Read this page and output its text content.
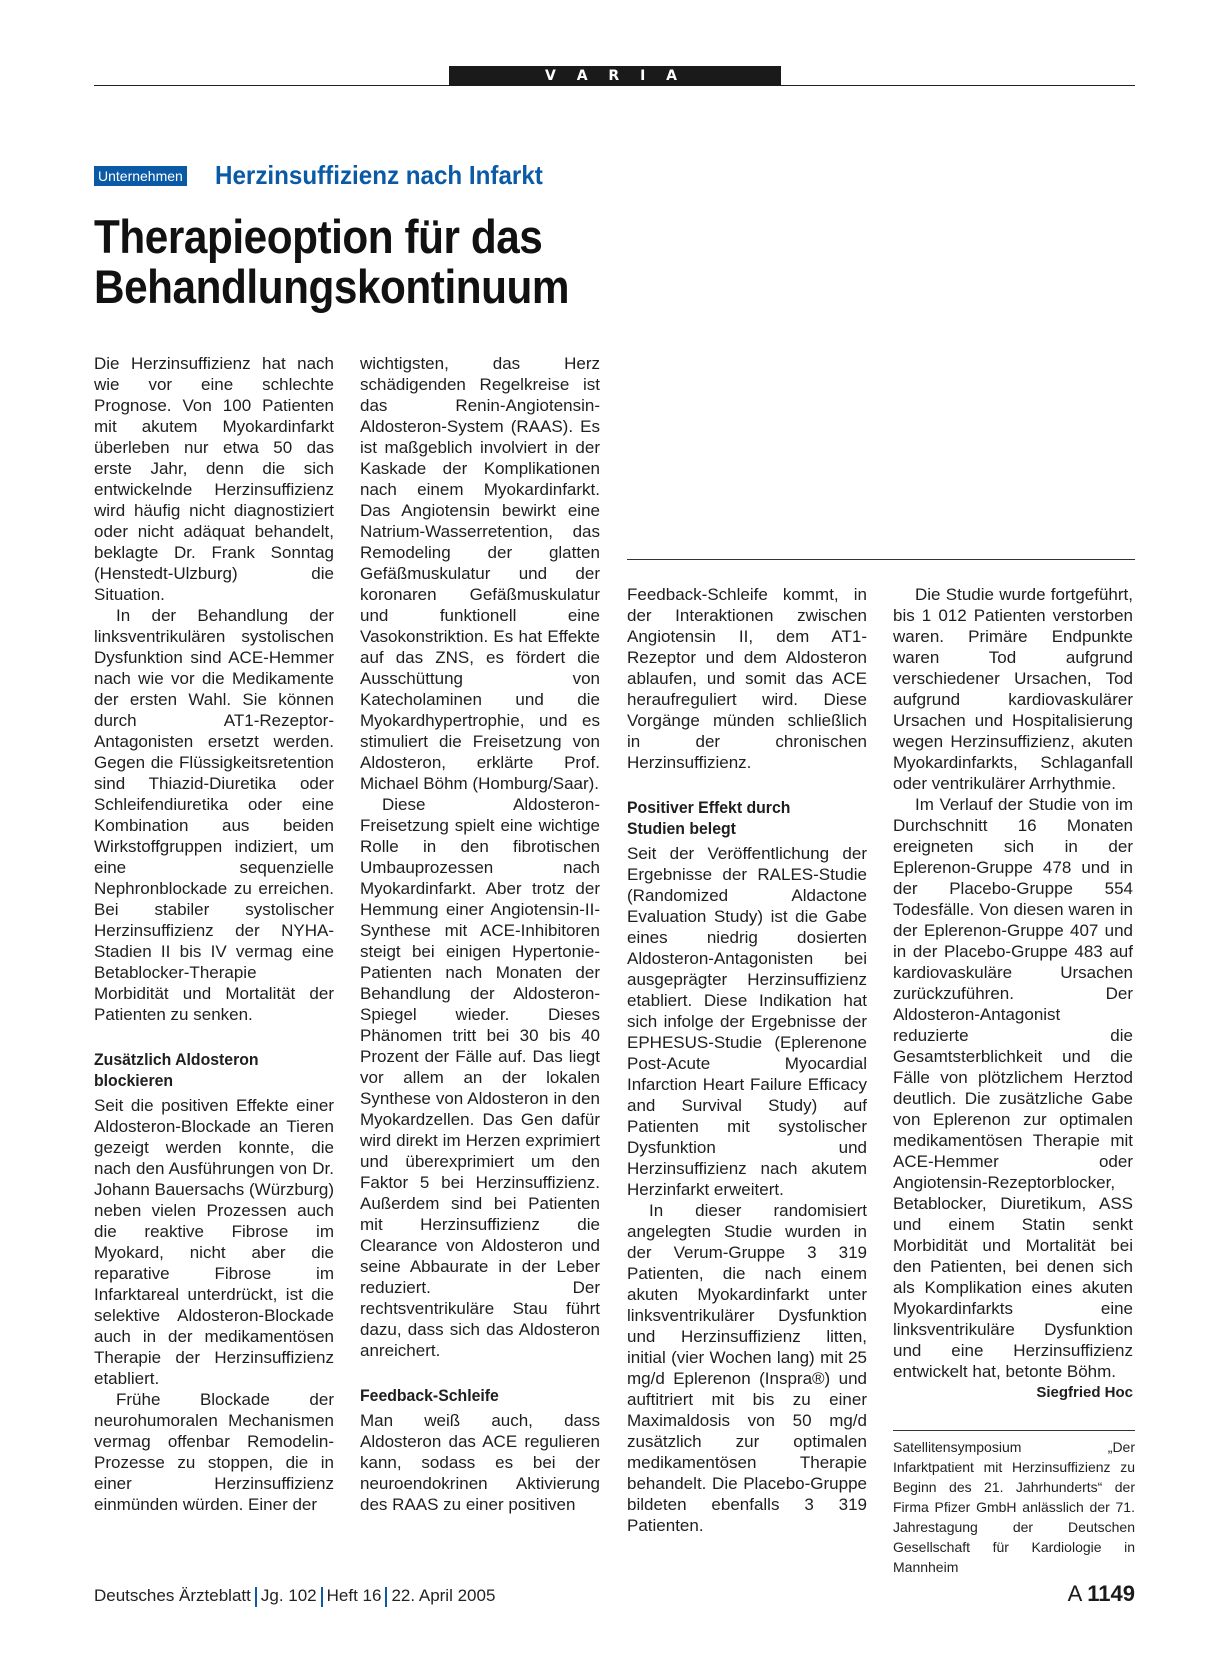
V A R I A
Unternehmen Herzinsuffizienz nach Infarkt
Therapieoption für das
Behandlungskontinuum

Die Herzinsuffizienz hat nach wie vor eine schlechte Prognose. Von 100 Patienten mit akutem Myokardinfarkt überleben nur etwa 50 das erste Jahr, denn die sich entwickelnde Herzinsuffizienz wird häufig nicht diagnostiziert oder nicht adäquat behandelt, beklagte Dr. Frank Sonntag (Henstedt-Ulzburg) die Situation.

In der Behandlung der linksventrikulären systolischen Dysfunktion sind ACE-Hemmer nach wie vor die Medikamente der ersten Wahl. Sie können durch AT1-Rezeptor-Antagonisten ersetzt werden. Gegen die Flüssigkeitsretention sind Thiazid-Diuretika oder Schleifendiuretika oder eine Kombination aus beiden Wirkstoffgruppen indiziert, um eine sequenzielle Nephronblockade zu erreichen. Bei stabiler systolischer Herzinsuffizienz der NYHA-Stadien II bis IV vermag eine Betablocker-Therapie Morbidität und Mortalität der Patienten zu senken.

Zusätzlich Aldosteron blockieren

Seit die positiven Effekte einer Aldosteron-Blockade an Tieren gezeigt werden konnte, die nach den Ausführungen von Dr. Johann Bauersachs (Würzburg) neben vielen Prozessen auch die reaktive Fibrose im Myokard, nicht aber die reparative Fibrose im Infarktareal unterdrückt, ist die selektive Aldosteron-Blockade auch in der medikamentösen Therapie der Herzinsuffizienz etabliert.

Frühe Blockade der neurohumoralen Mechanismen vermag offenbar Remodelin-Prozesse zu stoppen, die in einer Herzinsuffizienz einmünden würden. Einer der

wichtigsten, das Herz schädigenden Regelkreise ist das Renin-Angiotensin-Aldosteron-System (RAAS). Es ist maßgeblich involviert in der Kaskade der Komplikationen nach einem Myokardinfarkt. Das Angiotensin bewirkt eine Natrium-Wasserretention, das Remodeling der glatten Gefäßmuskulatur und der koronaren Gefäßmuskulatur und funktionell eine Vasokonstriktion. Es hat Effekte auf das ZNS, es fördert die Ausschüttung von Katecholaminen und die Myokardhypertrophie, und es stimuliert die Freisetzung von Aldosteron, erklärte Prof. Michael Böhm (Homburg/Saar).

Diese Aldosteron-Freisetzung spielt eine wichtige Rolle in den fibrotischen Umbauprozessen nach Myokardinfarkt. Aber trotz der Hemmung einer Angiotensin-II-Synthese mit ACE-Inhibitoren steigt bei einigen Hypertonie-Patienten nach Monaten der Behandlung der Aldosteron-Spiegel wieder. Dieses Phänomen tritt bei 30 bis 40 Prozent der Fälle auf. Das liegt vor allem an der lokalen Synthese von Aldosteron in den Myokardzellen. Das Gen dafür wird direkt im Herzen exprimiert und überexprimiert um den Faktor 5 bei Herzinsuffizienz. Außerdem sind bei Patienten mit Herzinsuffizienz die Clearance von Aldosteron und seine Abbaurate in der Leber reduziert. Der rechtsventrikuläre Stau führt dazu, dass sich das Aldosteron anreichert.

Feedback-Schleife

Man weiß auch, dass Aldosteron das ACE regulieren kann, sodass es bei der neuroendokrinen Aktivierung des RAAS zu einer positiven

Feedback-Schleife kommt, in der Interaktionen zwischen Angiotensin II, dem AT1-Rezeptor und dem Aldosteron ablaufen, und somit das ACE heraufreguliert wird. Diese Vorgänge münden schließlich in der chronischen Herzinsuffizienz.

Positiver Effekt durch Studien belegt

Seit der Veröffentlichung der Ergebnisse der RALES-Studie (Randomized Aldactone Evaluation Study) ist die Gabe eines niedrig dosierten Aldosteron-Antagonisten bei ausgeprägter Herzinsuffizienz etabliert. Diese Indikation hat sich infolge der Ergebnisse der EPHESUS-Studie (Eplerenone Post-Acute Myocardial Infarction Heart Failure Efficacy and Survival Study) auf Patienten mit systolischer Dysfunktion und Herzinsuffizienz nach akutem Herzinfarkt erweitert.

In dieser randomisiert angelegten Studie wurden in der Verum-Gruppe 3 319 Patienten, die nach einem akuten Myokardinfarkt unter linksventrikulärer Dysfunktion und Herzinsuffizienz litten, initial (vier Wochen lang) mit 25 mg/d Eplerenon (Inspra®) und auftitriert mit bis zu einer Maximaldosis von 50 mg/d zusätzlich zur optimalen medikamentösen Therapie behandelt. Die Placebo-Gruppe bildeten ebenfalls 3 319 Patienten.

Die Studie wurde fortgeführt, bis 1 012 Patienten verstorben waren. Primäre Endpunkte waren Tod aufgrund verschiedener Ursachen, Tod aufgrund kardiovaskulärer Ursachen und Hospitalisierung wegen Herzinsuffizienz, akuten Myokardinfarkts, Schlaganfall oder ventrikulärer Arrhythmie.

Im Verlauf der Studie von im Durchschnitt 16 Monaten ereigneten sich in der Eplerenon-Gruppe 478 und in der Placebo-Gruppe 554 Todesfälle. Von diesen waren in der Eplerenon-Gruppe 407 und in der Placebo-Gruppe 483 auf kardiovaskuläre Ursachen zurückzuführen. Der Aldosteron-Antagonist reduzierte die Gesamtsterblichkeit und die Fälle von plötzlichem Herztod deutlich. Die zusätzliche Gabe von Eplerenon zur optimalen medikamentösen Therapie mit ACE-Hemmer oder Angiotensin-Rezeptorblocker, Betablocker, Diuretikum, ASS und einem Statin senkt Morbidität und Mortalität bei den Patienten, bei denen sich als Komplikation eines akuten Myokardinfarkts eine linksventrikuläre Dysfunktion und eine Herzinsuffizienz entwickelt hat, betonte Böhm.
Siegfried Hoc

Satellitensymposium „Der Infarktpatient mit Herzinsuffizienz zu Beginn des 21. Jahrhunderts“ der Firma Pfizer GmbH anlässlich der 71. Jahrestagung der Deutschen Gesellschaft für Kardiologie in Mannheim

Deutsches Ärzteblatt Jg. 102 Heft 16 22. April 2005	A 1149
